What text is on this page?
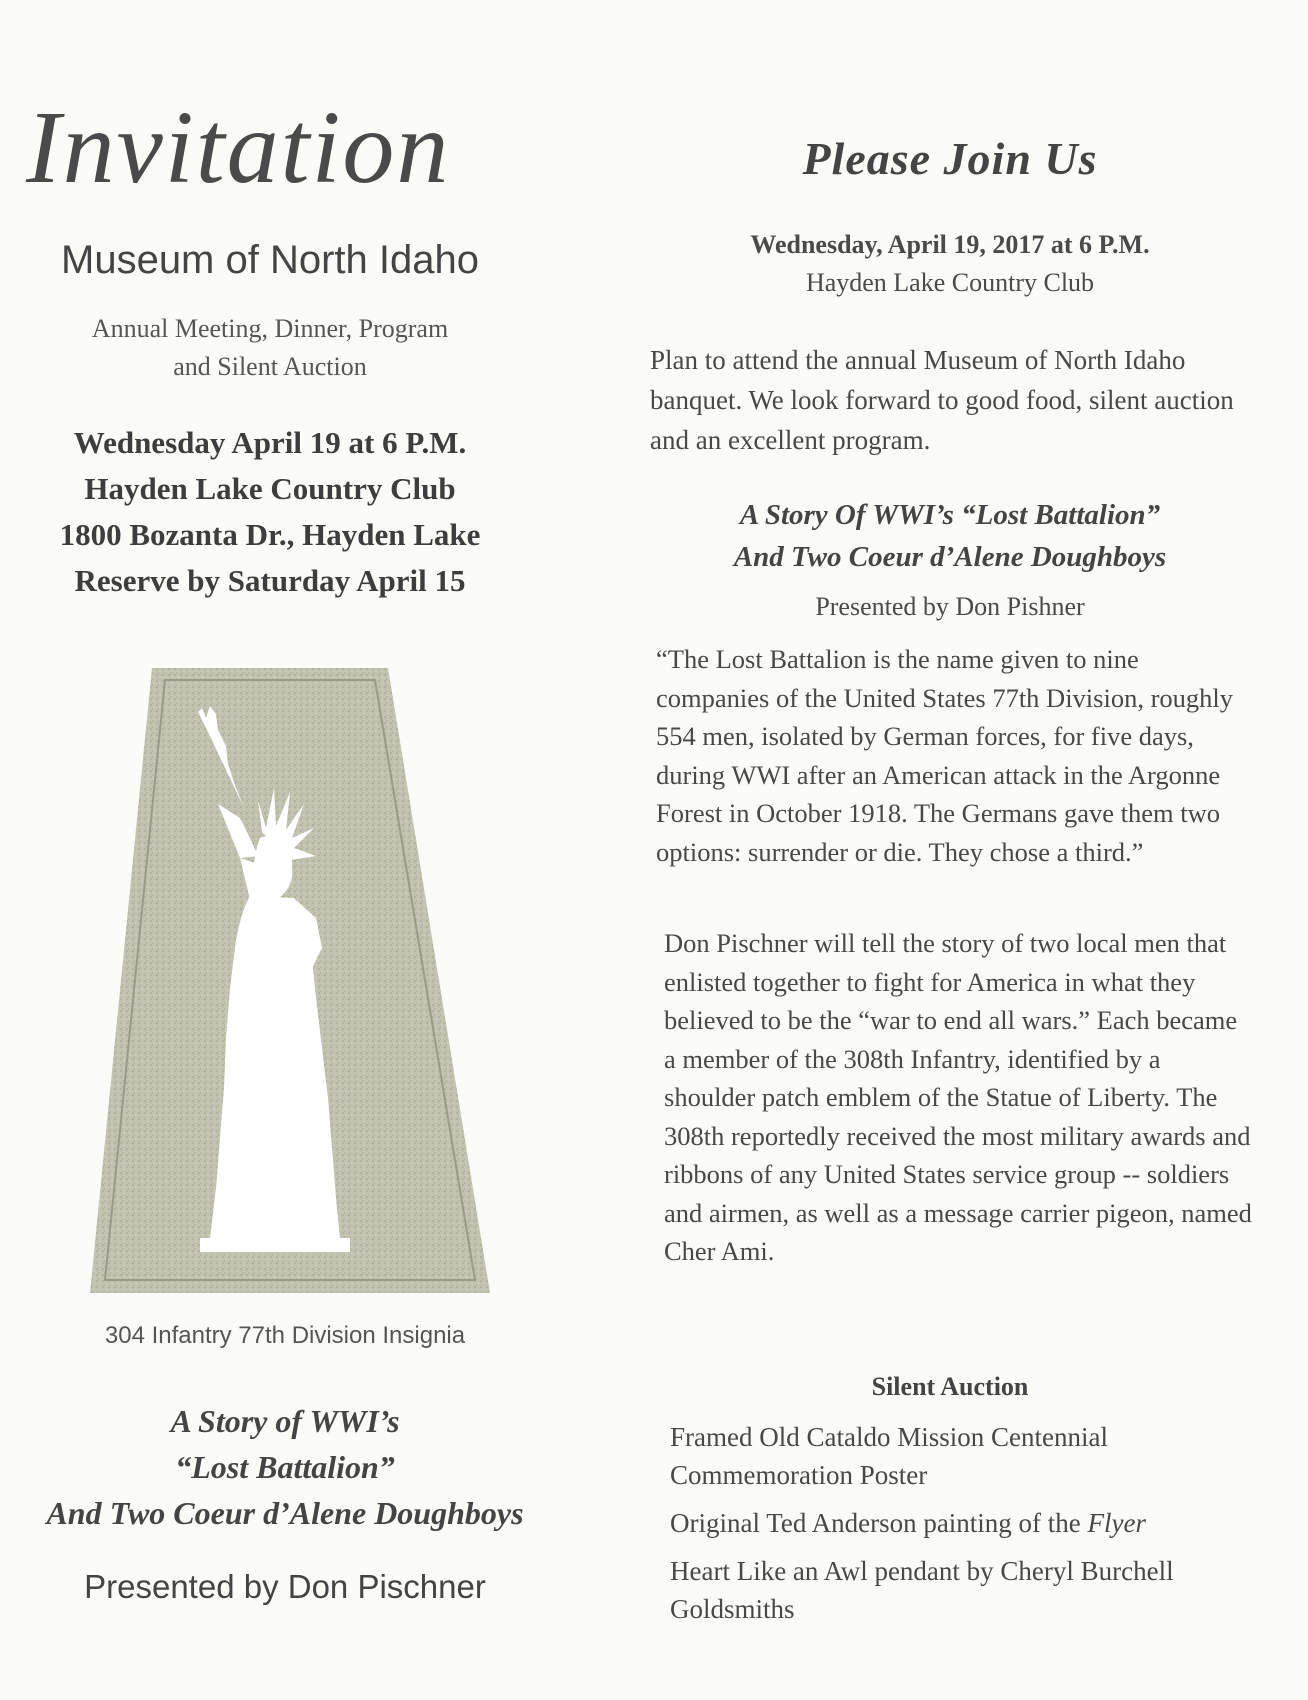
Invitation
Museum of North Idaho
Annual Meeting, Dinner, Program
and Silent Auction
Wednesday April 19 at 6 P.M.
Hayden Lake Country Club
1800 Bozanta Dr., Hayden Lake
Reserve by Saturday April 15
304 Infantry 77th Division Insignia
A Story of WWI’s
“Lost Battalion”
And Two Coeur d’Alene Doughboys
Presented by Don Pischner
Please Join Us
Wednesday, April 19, 2017 at 6 P.M.
Hayden Lake Country Club
Plan to attend the annual Museum of North Idaho banquet. We look forward to good food, silent auction and an excellent program.
A Story Of WWI’s “Lost Battalion”
And Two Coeur d’Alene Doughboys
Presented by Don Pishner
“The Lost Battalion is the name given to nine companies of the United States 77th Division, roughly 554 men, isolated by German forces, for five days, during WWI after an American attack in the Argonne Forest in October 1918. The Germans gave them two options: surrender or die. They chose a third.”
Don Pischner will tell the story of two local men that enlisted together to fight for America in what they believed to be the “war to end all wars.” Each became a member of the 308th Infantry, identified by a shoulder patch emblem of the Statue of Liberty. The 308th reportedly received the most military awards and ribbons of any United States service group -- soldiers and airmen, as well as a message carrier pigeon, named Cher Ami.
Silent Auction
Framed Old Cataldo Mission Centennial Commemoration Poster
Original Ted Anderson painting of the Flyer
Heart Like an Awl pendant by Cheryl Burchell Goldsmiths
